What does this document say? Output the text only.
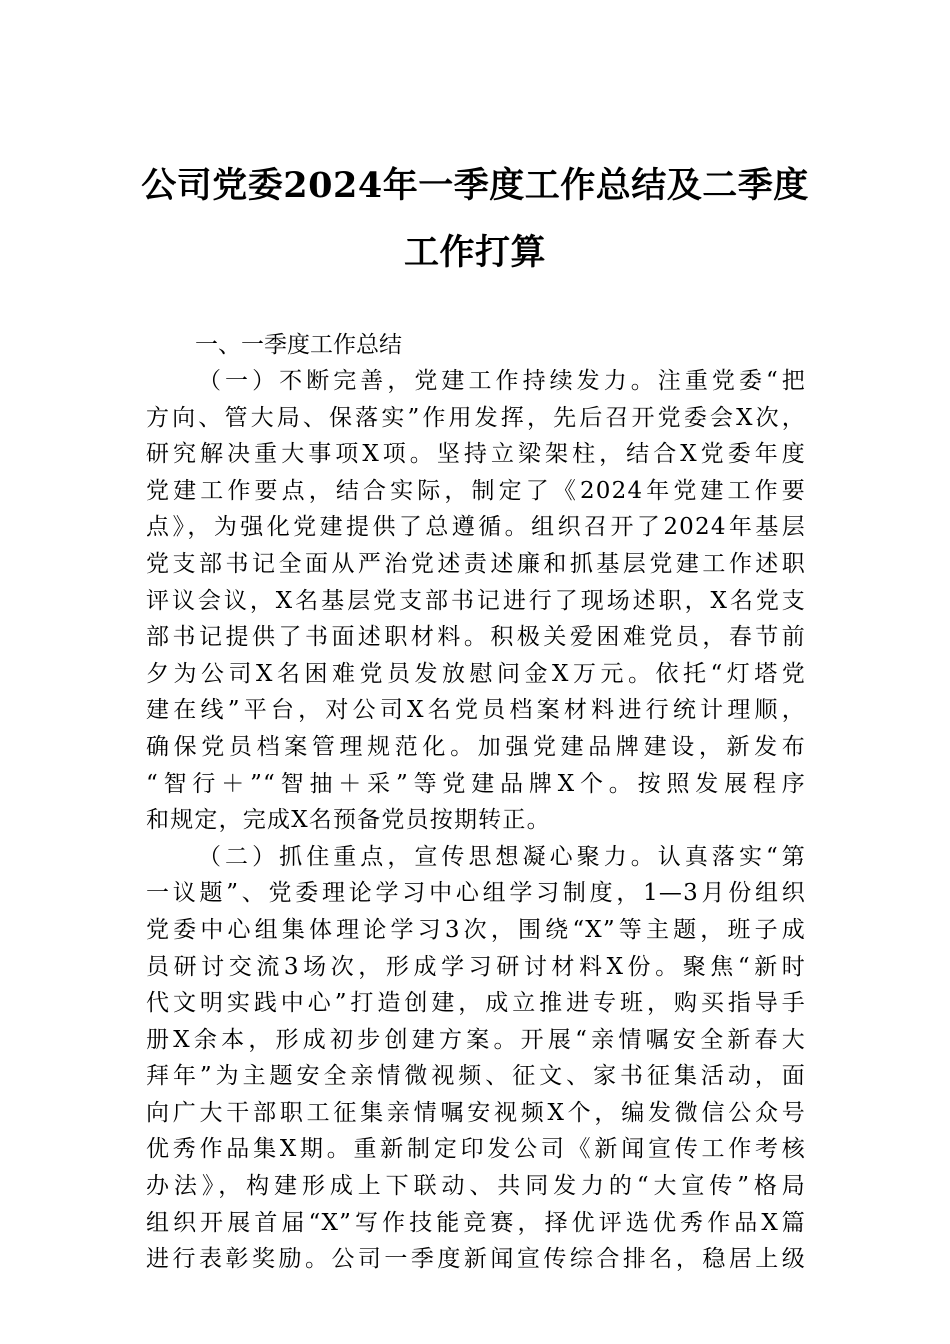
公司党委2024年一季度工作总结及二季度
工作打算
一、一季度工作总结
（一）不断完善，党建工作持续发力。注重党委“把
方向、管大局、保落实”作用发挥，先后召开党委会X次，
研究解决重大事项X项。坚持立梁架柱，结合X党委年度
党建工作要点，结合实际，制定了《2024年党建工作要
点》，为强化党建提供了总遵循。组织召开了2024年基层
党支部书记全面从严治党述责述廉和抓基层党建工作述职
评议会议，X名基层党支部书记进行了现场述职，X名党支
部书记提供了书面述职材料。积极关爱困难党员，春节前
夕为公司X名困难党员发放慰问金X万元。依托“灯塔党
建在线”平台，对公司X名党员档案材料进行统计理顺，
确保党员档案管理规范化。加强党建品牌建设，新发布
“智行＋”“智抽＋采”等党建品牌X个。按照发展程序
和规定，完成X名预备党员按期转正。
（二）抓住重点，宣传思想凝心聚力。认真落实“第
一议题”、党委理论学习中心组学习制度，1—3月份组织
党委中心组集体理论学习3次，围绕“X”等主题，班子成
员研讨交流3场次，形成学习研讨材料X份。聚焦“新时
代文明实践中心”打造创建，成立推进专班，购买指导手
册X余本，形成初步创建方案。开展“亲情嘱安全新春大
拜年”为主题安全亲情微视频、征文、家书征集活动，面
向广大干部职工征集亲情嘱安视频X个，编发微信公众号
优秀作品集X期。重新制定印发公司《新闻宣传工作考核
办法》，构建形成上下联动、共同发力的“大宣传”格局
组织开展首届“X”写作技能竞赛，择优评选优秀作品X篇
进行表彰奖励。公司一季度新闻宣传综合排名，稳居上级
